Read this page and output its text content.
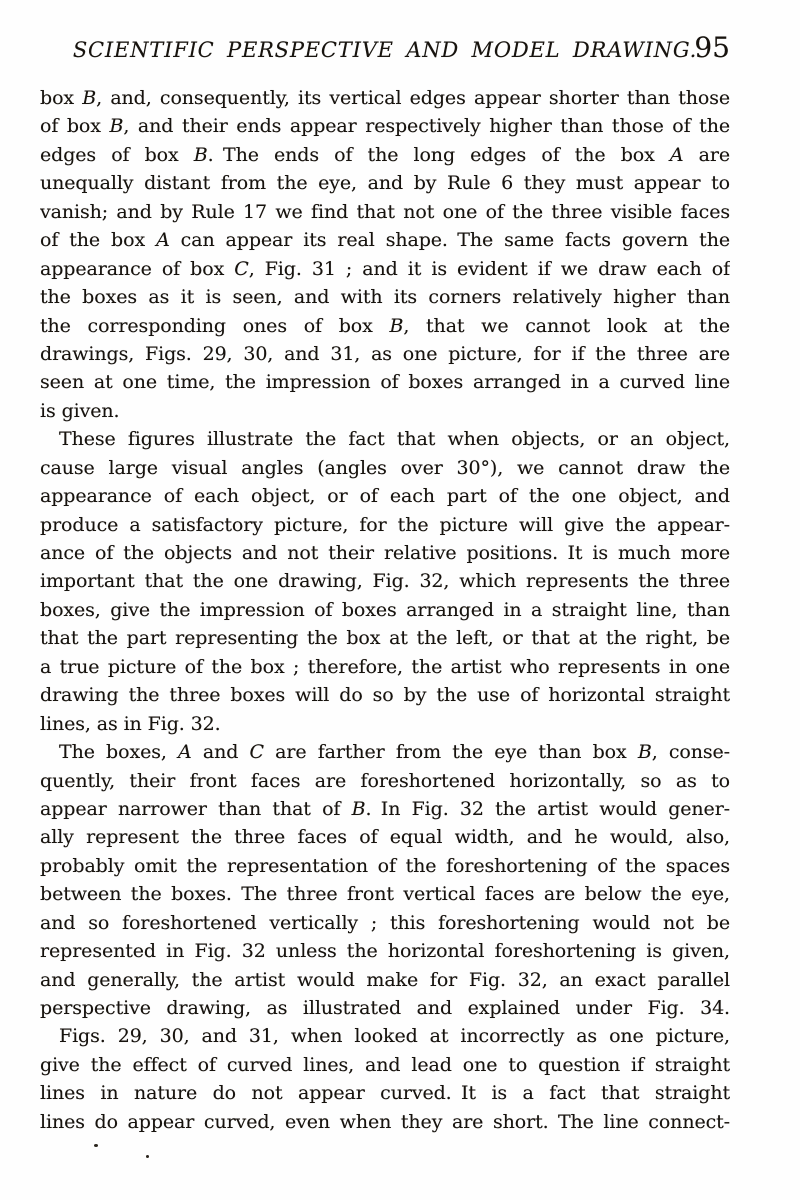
SCIENTIFIC PERSPECTIVE AND MODEL DRAWING.
95
box B, and, consequently, its vertical edges appear shorter than those
of box B, and their ends appear respectively higher than those of the
edges of box B. The ends of the long edges of the box A are
unequally distant from the eye, and by Rule 6 they must appear to
vanish; and by Rule 17 we find that not one of the three visible faces
of the box A can appear its real shape. The same facts govern the
appearance of box C, Fig. 31 ; and it is evident if we draw each of
the boxes as it is seen, and with its corners relatively higher than
the corresponding ones of box B, that we cannot look at the
drawings, Figs. 29, 30, and 31, as one picture, for if the three are
seen at one time, the impression of boxes arranged in a curved line
is given.
These figures illustrate the fact that when objects, or an object,
cause large visual angles (angles over 30°), we cannot draw the
appearance of each object, or of each part of the one object, and
produce a satisfactory picture, for the picture will give the appear-
ance of the objects and not their relative positions. It is much more
important that the one drawing, Fig. 32, which represents the three
boxes, give the impression of boxes arranged in a straight line, than
that the part representing the box at the left, or that at the right, be
a true picture of the box ; therefore, the artist who represents in one
drawing the three boxes will do so by the use of horizontal straight
lines, as in Fig. 32.
The boxes, A and C are farther from the eye than box B, conse-
quently, their front faces are foreshortened horizontally, so as to
appear narrower than that of B. In Fig. 32 the artist would gener-
ally represent the three faces of equal width, and he would, also,
probably omit the representation of the foreshortening of the spaces
between the boxes. The three front vertical faces are below the eye,
and so foreshortened vertically ; this foreshortening would not be
represented in Fig. 32 unless the horizontal foreshortening is given,
and generally, the artist would make for Fig. 32, an exact parallel
perspective drawing, as illustrated and explained under Fig. 34.
Figs. 29, 30, and 31, when looked at incorrectly as one picture,
give the effect of curved lines, and lead one to question if straight
lines in nature do not appear curved. It is a fact that straight
lines do appear curved, even when they are short. The line connect-
